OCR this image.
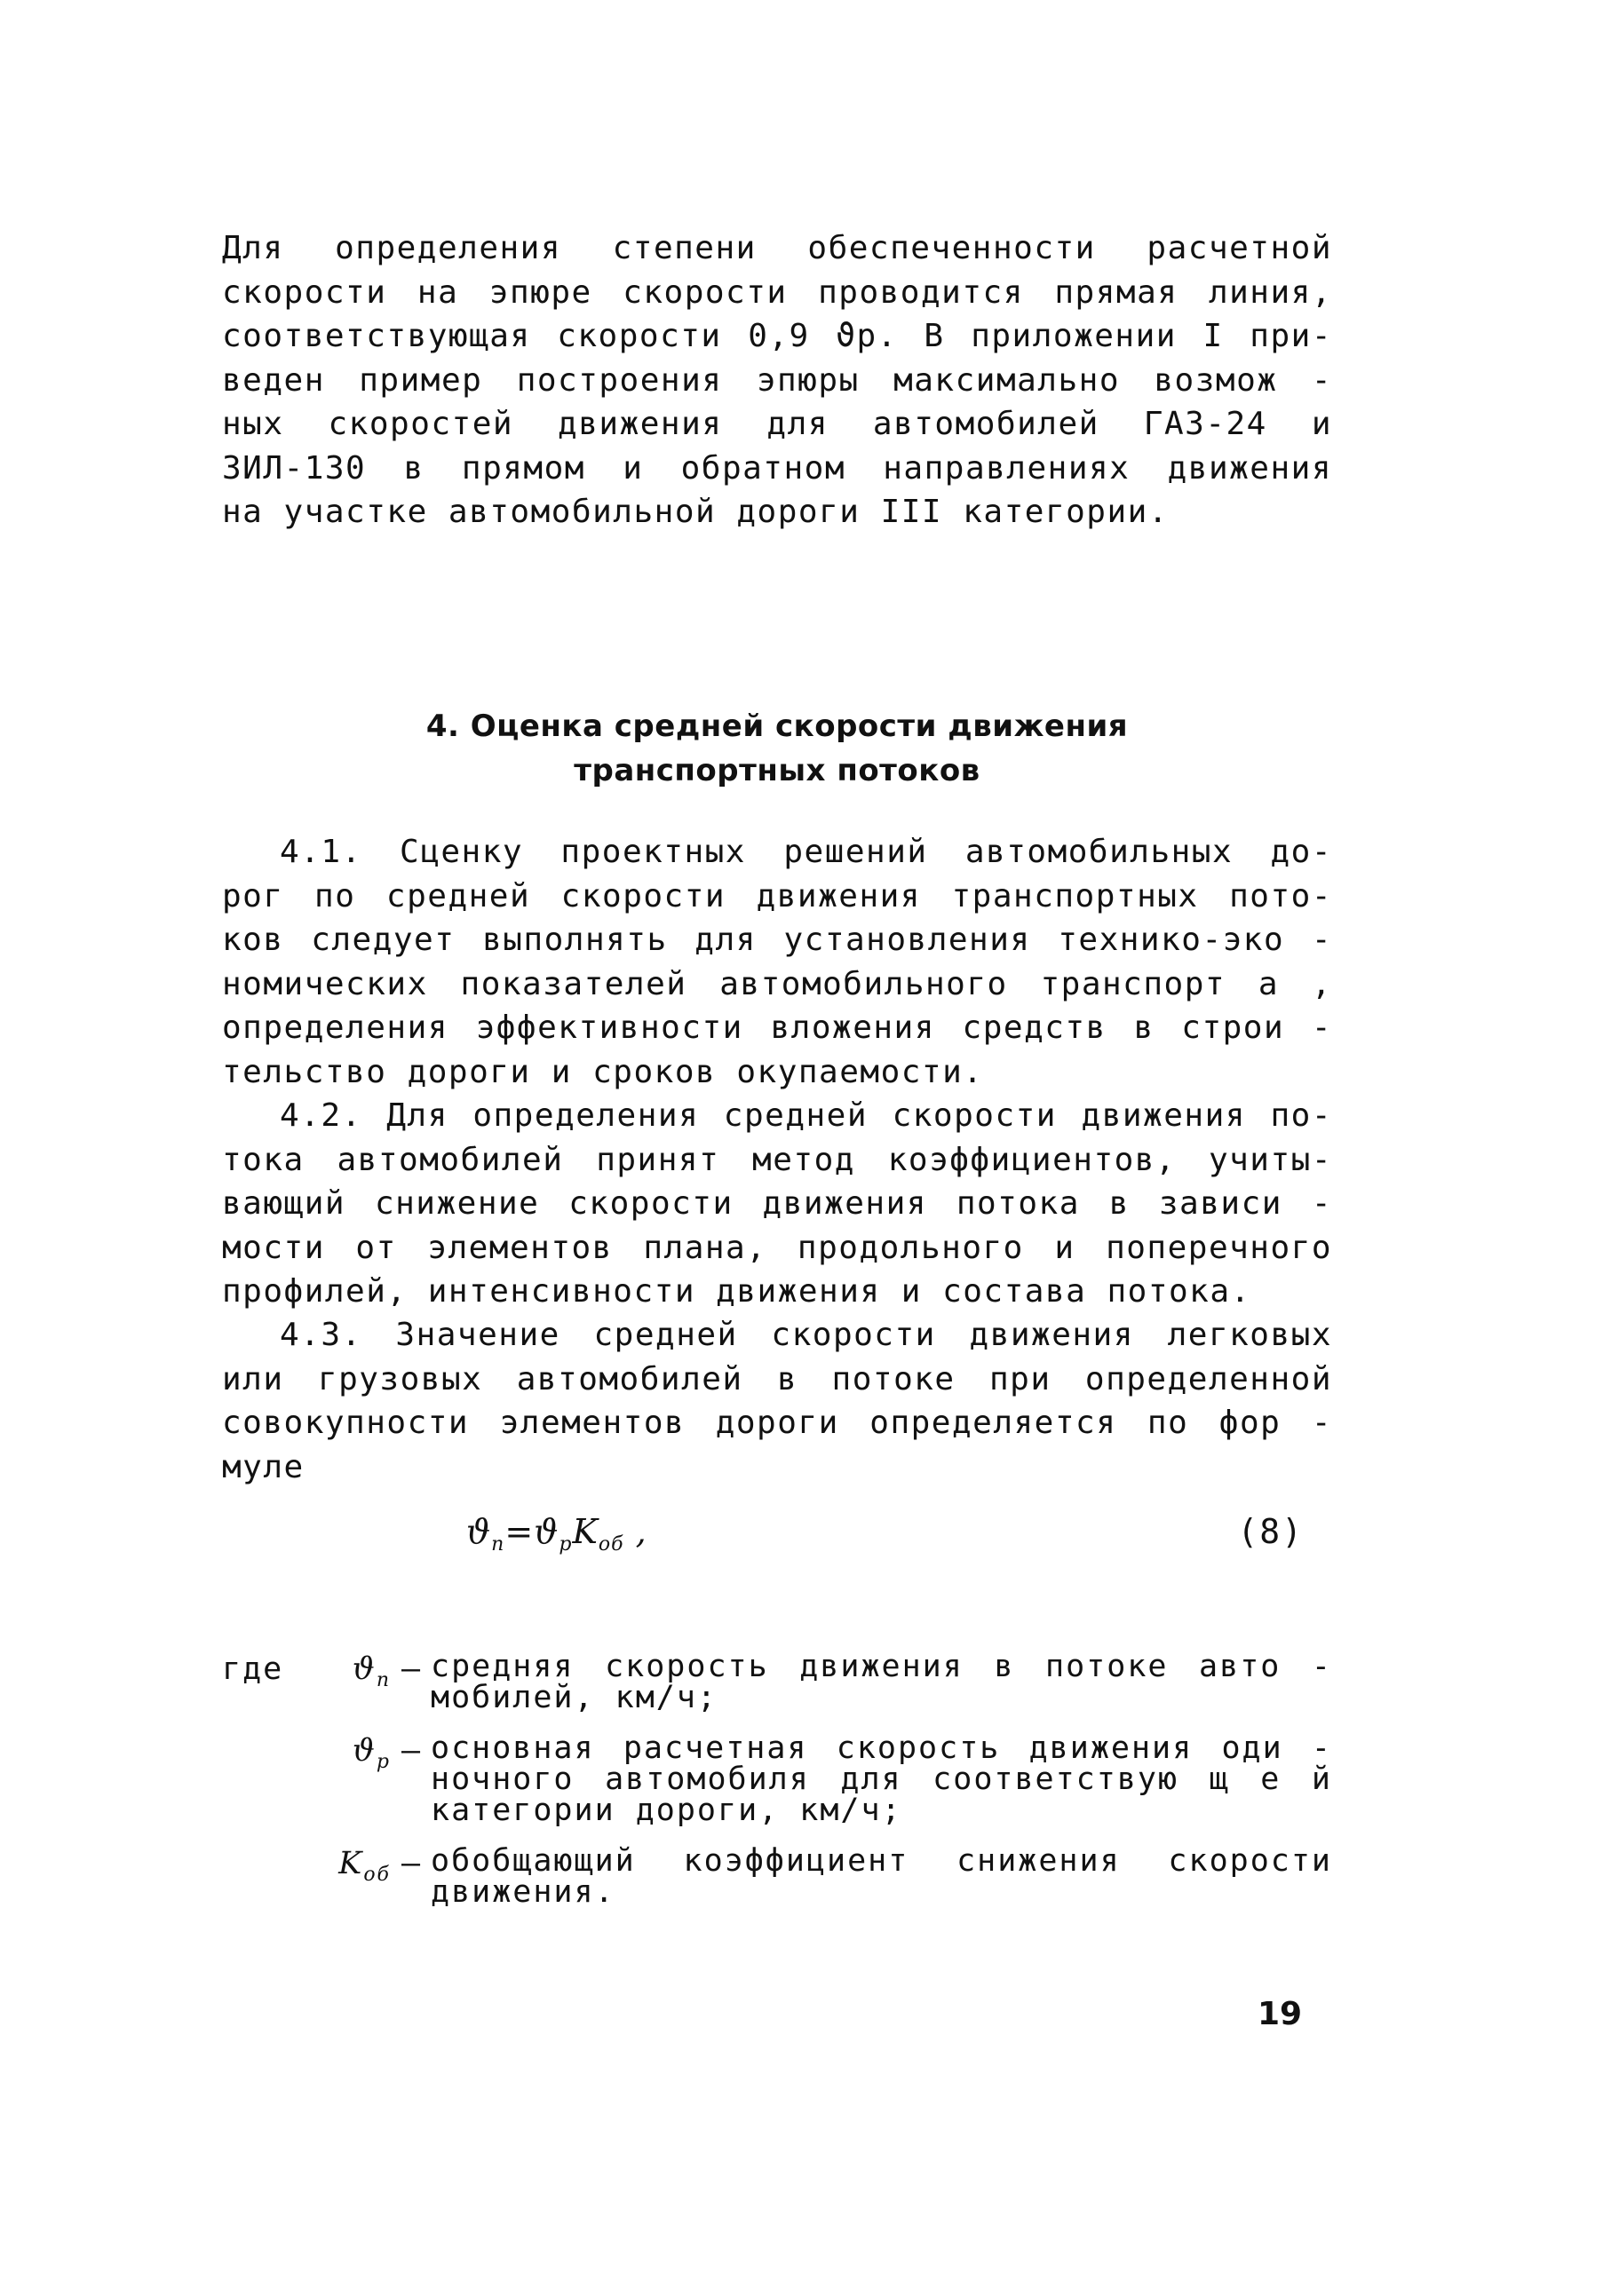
Для определения степени обеспеченности расчетной
скорости на эпюре скорости проводится прямая линия,
соответствующая скорости 0,9 ϑр. В приложении I при-
веден пример построения эпюры максимально возмож -
ных скоростей движения для автомобилей ГАЗ-24 и
ЗИЛ-130 в прямом и обратном направлениях движения
на участке автомобильной дороги III категории.
4. Оценка средней скорости движения
транспортных потоков
4.1. Сценку проектных решений автомобильных до-
рог по средней скорости движения транспортных пото-
ков следует выполнять для установления технико-эко -
номических показателей автомобильного транспорт а ,
определения эффективности вложения средств в строи -
тельство дороги и сроков окупаемости.
4.2. Для определения средней скорости движения по-
тока автомобилей принят метод коэффициентов, учиты-
вающий снижение скорости движения потока в зависи -
мости от элементов плана, продольного и поперечного
профилей, интенсивности движения и состава потока.
4.3. Значение средней скорости движения легковых
или грузовых автомобилей в потоке при определенной
совокупности элементов дороги определяется по фор -
муле
$ϑ_п=ϑ_рK_{об}$ ,	(8)
где	$ϑ_п$ – средняя скорость движения в потоке авто -
мобилей, км/ч;
$ϑ_р$ – основная расчетная скорость движения оди -
ночного автомобиля для соответствую щ е й
категории дороги, км/ч;
$K_{об}$ – обобщающий коэффициент снижения скорости
движения.
19
